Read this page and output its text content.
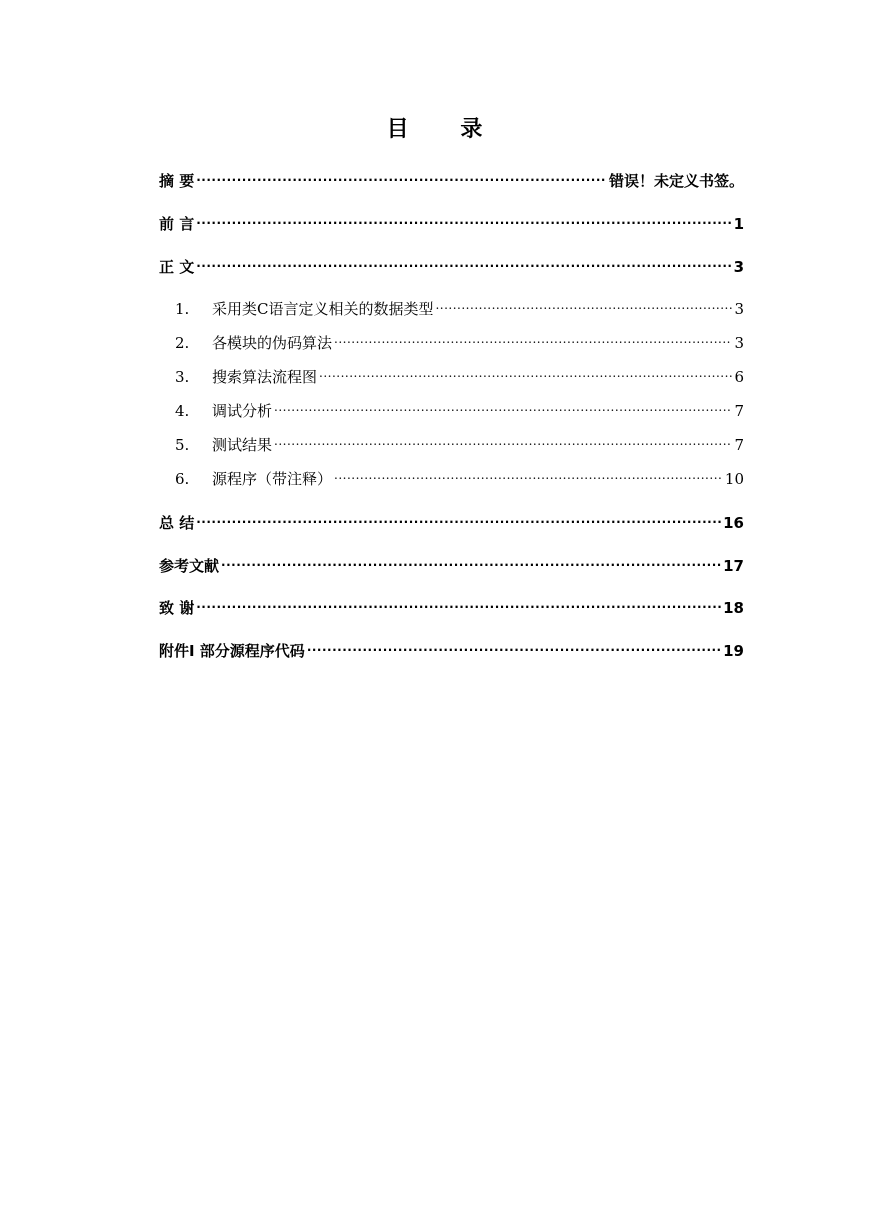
目 录
摘 要 .....	错误！未定义书签。
前 言 .....	1
正 文 .....	3
1.	采用类C语言定义相关的数据类型 .....	3
2.	各模块的伪码算法 .....	3
3.	搜索算法流程图 .....	6
4.	调试分析 .....	7
5.	测试结果 .....	7
6.	源程序（带注释） .....	10
总 结 .....	16
参考文献 .....	17
致 谢 .....	18
附件Ⅰ 部分源程序代码 .....	19
